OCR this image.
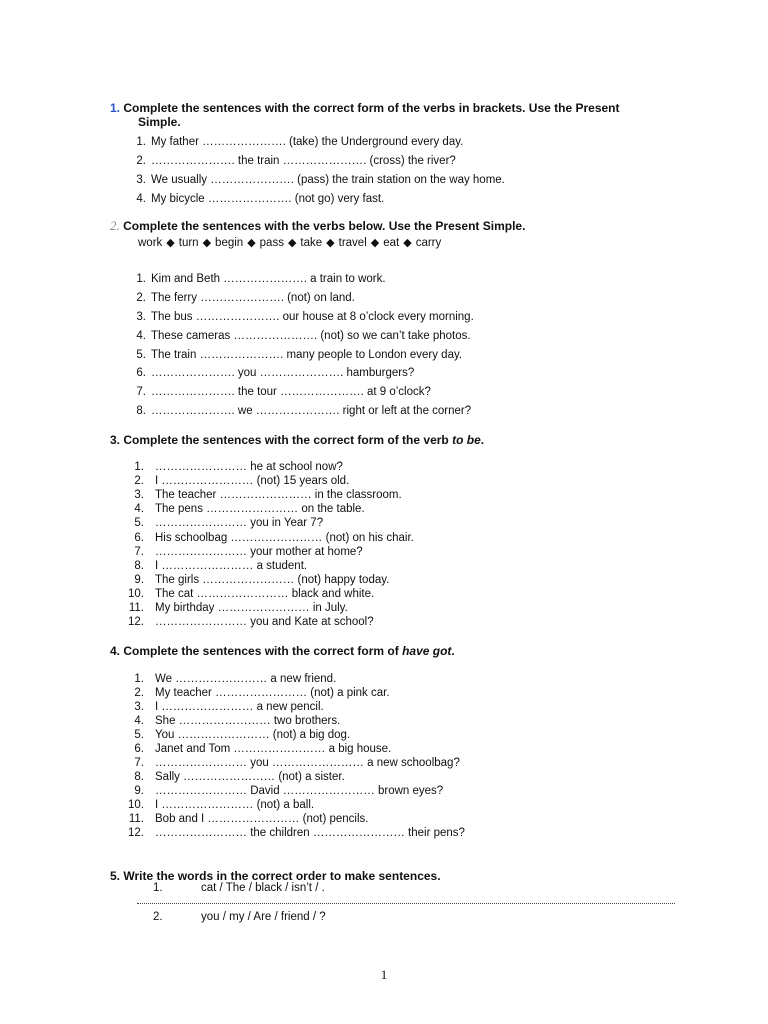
1. Complete the sentences with the correct form of the verbs in brackets. Use the Present
Simple.
1. My father …………………. (take) the Underground every day.
2. …………………. the train …………………. (cross) the river?
3. We usually …………………. (pass) the train station on the way home.
4. My bicycle …………………. (not go) very fast.
2. Complete the sentences with the verbs below. Use the Present Simple.
work ◆ turn ◆ begin ◆ pass ◆ take ◆ travel ◆ eat ◆ carry
1. Kim and Beth …………………. a train to work.
2. The ferry …………………. (not) on land.
3. The bus …………………. our house at 8 o’clock every morning.
4. These cameras …………………. (not) so we can’t take photos.
5. The train …………………. many people to London every day.
6. …………………. you …………………. hamburgers?
7. …………………. the tour …………………. at 9 o’clock?
8. …………………. we …………………. right or left at the corner?
3. Complete the sentences with the correct form of the verb to be.
1. …………………… he at school now?
2. I …………………… (not) 15 years old.
3. The teacher …………………… in the classroom.
4. The pens …………………… on the table.
5. …………………… you in Year 7?
6. His schoolbag …………………… (not) on his chair.
7. …………………… your mother at home?
8. I …………………… a student.
9. The girls …………………… (not) happy today.
10. The cat …………………… black and white.
11. My birthday …………………… in July.
12. …………………… you and Kate at school?
4. Complete the sentences with the correct form of have got.
1. We …………………… a new friend.
2. My teacher …………………… (not) a pink car.
3. I …………………… a new pencil.
4. She …………………… two brothers.
5. You …………………… (not) a big dog.
6. Janet and Tom …………………… a big house.
7. …………………… you …………………… a new schoolbag?
8. Sally …………………… (not) a sister.
9. …………………… David …………………… brown eyes?
10. I …………………… (not) a ball.
11. Bob and I …………………… (not) pencils.
12. …………………… the children …………………… their pens?
5. Write the words in the correct order to make sentences.
1.	cat / The / black / isn’t / .
2.	you / my / Are / friend / ?
1
